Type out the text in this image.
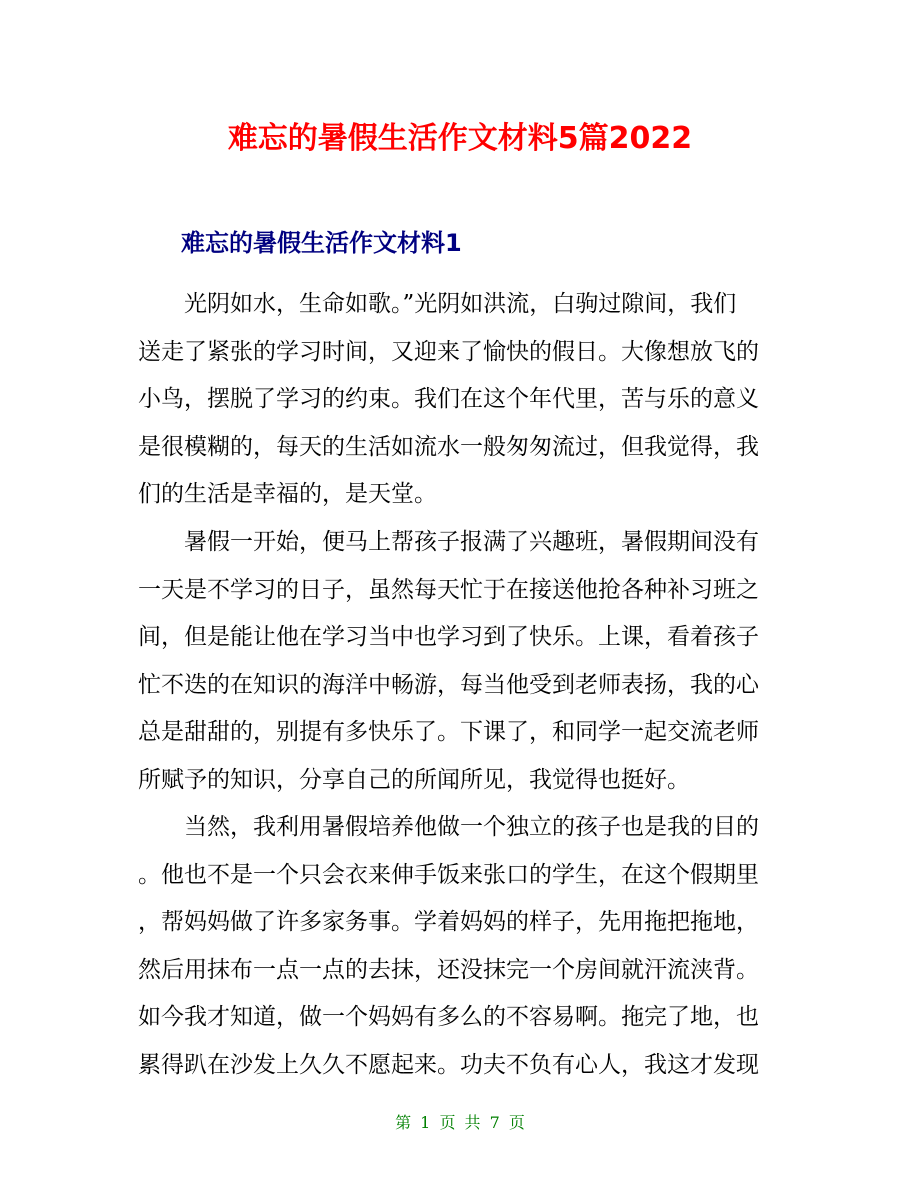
难忘的暑假生活作文材料5篇2022
难忘的暑假生活作文材料1
　　光阴如水，生命如歌。”光阴如洪流，白驹过隙间，我们
送走了紧张的学习时间，又迎来了愉快的假日。大像想放飞的
小鸟，摆脱了学习的约束。我们在这个年代里，苦与乐的意义
是很模糊的，每天的生活如流水一般匆匆流过，但我觉得，我
们的生活是幸福的，是天堂。
　　暑假一开始，便马上帮孩子报满了兴趣班，暑假期间没有
一天是不学习的日子，虽然每天忙于在接送他抢各种补习班之
间，但是能让他在学习当中也学习到了快乐。上课，看着孩子
忙不迭的在知识的海洋中畅游，每当他受到老师表扬，我的心
总是甜甜的，别提有多快乐了。下课了，和同学一起交流老师
所赋予的知识，分享自己的所闻所见，我觉得也挺好。
　　当然，我利用暑假培养他做一个独立的孩子也是我的目的
。他也不是一个只会衣来伸手饭来张口的学生，在这个假期里
，帮妈妈做了许多家务事。学着妈妈的样子，先用拖把拖地，
然后用抹布一点一点的去抹，还没抹完一个房间就汗流浃背。
如今我才知道，做一个妈妈有多么的不容易啊。拖完了地，也
累得趴在沙发上久久不愿起来。功夫不负有心人，我这才发现
第 1 页 共 7 页
